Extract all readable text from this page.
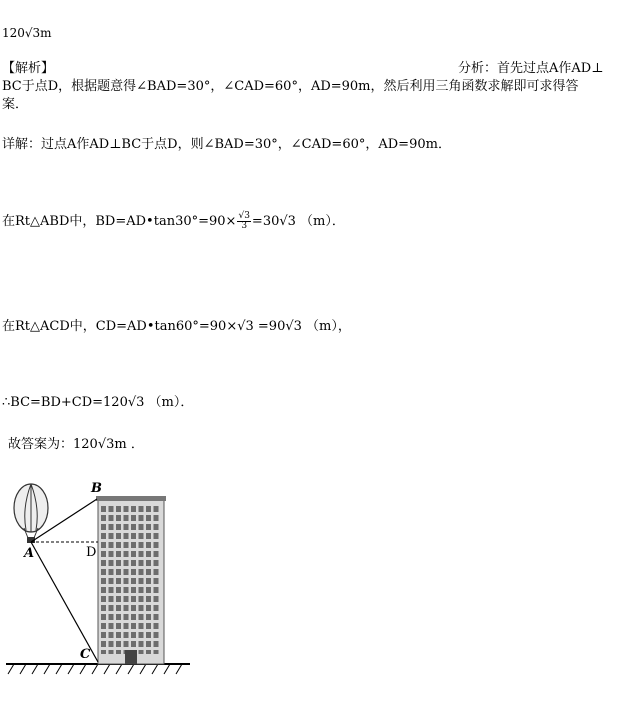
120√3m
【解析】	分析：首先过点A作AD⊥
BC于点D，根据题意得∠BAD=30°，∠CAD=60°，AD=90m，然后利用三角函数求解即可求得答
案．
详解：过点A作AD⊥BC于点D，则∠BAD=30°，∠CAD=60°，AD=90m．
在Rt△ABD中，BD=AD•tan30°=90× $\frac{√3}{3} =30√3$ （m）．
在Rt△ACD中，CD=AD•tan60°=90×√3 =90√3 （m），
∴BC=BD+CD=120√3 （m）．
故答案为：120√3m ．
B
A	D
C
